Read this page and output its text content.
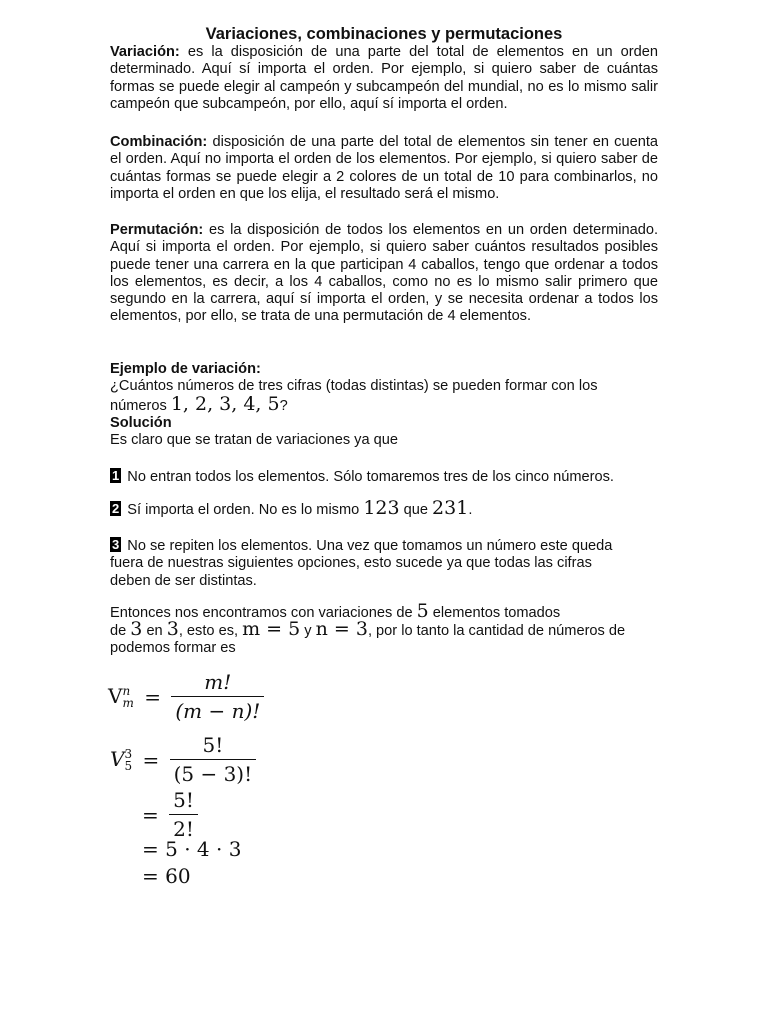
Variaciones, combinaciones y permutaciones

Variación: es la disposición de una parte del total de elementos en un orden determinado. Aquí sí importa el orden. Por ejemplo, si quiero saber de cuántas formas se puede elegir al campeón y subcampeón del mundial, no es lo mismo salir campeón que subcampeón, por ello, aquí sí importa el orden.

Combinación: disposición de una parte del total de elementos sin tener en cuenta el orden. Aquí no importa el orden de los elementos. Por ejemplo, si quiero saber de cuántas formas se puede elegir a 2 colores de un total de 10 para combinarlos, no importa el orden en que los elija, el resultado será el mismo.

Permutación: es la disposición de todos los elementos en un orden determinado. Aquí si importa el orden. Por ejemplo, si quiero saber cuántos resultados posibles puede tener una carrera en la que participan 4 caballos, tengo que ordenar a todos los elementos, es decir, a los 4 caballos, como no es lo mismo salir primero que segundo en la carrera, aquí sí importa el orden, y se necesita ordenar a todos los elementos, por ello, se trata de una permutación de 4 elementos.

Ejemplo de variación:
¿Cuántos números de tres cifras (todas distintas) se pueden formar con los
números 1, 2, 3, 4, 5?
Solución
Es claro que se tratan de variaciones ya que
1 No entran todos los elementos. Sólo tomaremos tres de los cinco números.
2 Sí importa el orden. No es lo mismo 123 que 231.
3 No se repiten los elementos. Una vez que tomamos un número este queda
fuera de nuestras siguientes opciones, esto sucede ya que todas las cifras
deben de ser distintas.
Entonces nos encontramos con variaciones de 5 elementos tomados
de 3 en 3, esto es, m = 5 y n = 3, por lo tanto la cantidad de números de
podemos formar es
V n
$m = \frac{m!}{(m - n)!}$
V 3
$5 = \frac{5!}{(5 - 3)!}$
= $\frac{5!}{2!}$
= 5 · 4 · 3
= 60
